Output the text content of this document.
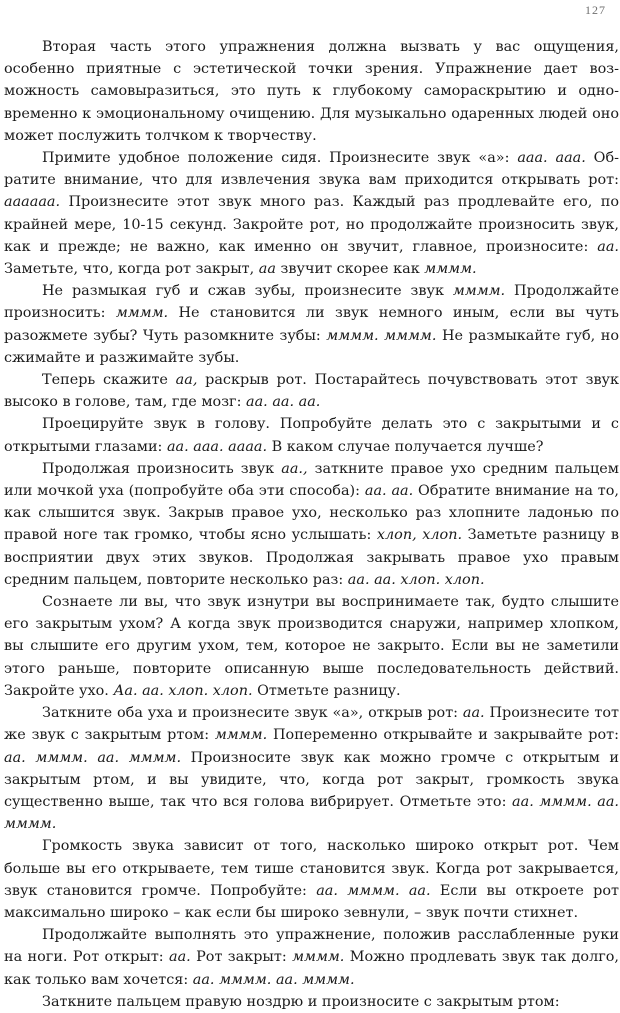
127

Вторая часть этого упражнения должна вызвать у вас ощущения, особенно приятные с эстетической точки зрения. Упражнение дает возможность самовыразиться, это путь к глубокому самораскрытию и одновременно к эмоциональному очищению. Для музыкально одаренных людей оно может послужить толчком к творчеству.

Примите удобное положение сидя. Произнесите звук «а»: ааа. ааа. Обратите внимание, что для извлечения звука вам приходится открывать рот: аааааа. Произнесите этот звук много раз. Каждый раз продлевайте его, по крайней мере, 10-15 секунд. Закройте рот, но продолжайте произносить звук, как и прежде; не важно, как именно он звучит, главное, произносите: аа. Заметьте, что, когда рот закрыт, аа звучит скорее как мммм.

Не размыкая губ и сжав зубы, произнесите звук мммм. Продолжайте произносить: мммм. Не становится ли звук немного иным, если вы чуть разожмете зубы? Чуть разомкните зубы: мммм. мммм. Не размыкайте губ, но сжимайте и разжимайте зубы.

Теперь скажите аа, раскрыв рот. Постарайтесь почувствовать этот звук высоко в голове, там, где мозг: аа. аа. аа.

Проецируйте звук в голову. Попробуйте делать это с закрытыми и с открытыми глазами: аа. ааа. аааа. В каком случае получается лучше?

Продолжая произносить звук аа., заткните правое ухо средним пальцем или мочкой уха (попробуйте оба эти способа): аа. аа. Обратите внимание на то, как слышится звук. Закрыв правое ухо, несколько раз хлопните ладонью по правой ноге так громко, чтобы ясно услышать: хлоп, хлоп. Заметьте разницу в восприятии двух этих звуков. Продолжая закрывать правое ухо правым средним пальцем, повторите несколько раз: аа. аа. хлоп. хлоп.

Сознаете ли вы, что звук изнутри вы воспринимаете так, будто слышите его закрытым ухом? А когда звук производится снаружи, например хлопком, вы слышите его другим ухом, тем, которое не закрыто. Если вы не заметили этого раньше, повторите описанную выше последовательность действий. Закройте ухо. Аа. аа. хлоп. хлоп. Отметьте разницу.

Заткните оба уха и произнесите звук «а», открыв рот: аа. Произнесите тот же звук с закрытым ртом: мммм. Попеременно открывайте и закрывайте рот: аа. мммм. аа. мммм. Произносите звук как можно громче с открытым и закрытым ртом, и вы увидите, что, когда рот закрыт, громкость звука существенно выше, так что вся голова вибрирует. Отметьте это: аа. мммм. аа. мммм.

Громкость звука зависит от того, насколько широко открыт рот. Чем больше вы его открываете, тем тише становится звук. Когда рот закрывается, звук становится громче. Попробуйте: аа. мммм. аа. Если вы откроете рот максимально широко – как если бы широко зевнули, – звук почти стихнет.

Продолжайте выполнять это упражнение, положив расслабленные руки на ноги. Рот открыт: аа. Рот закрыт: мммм. Можно продлевать звук так долго, как только вам хочется: аа. мммм. аа. мммм.

Заткните пальцем правую ноздрю и произносите с закрытым ртом:
